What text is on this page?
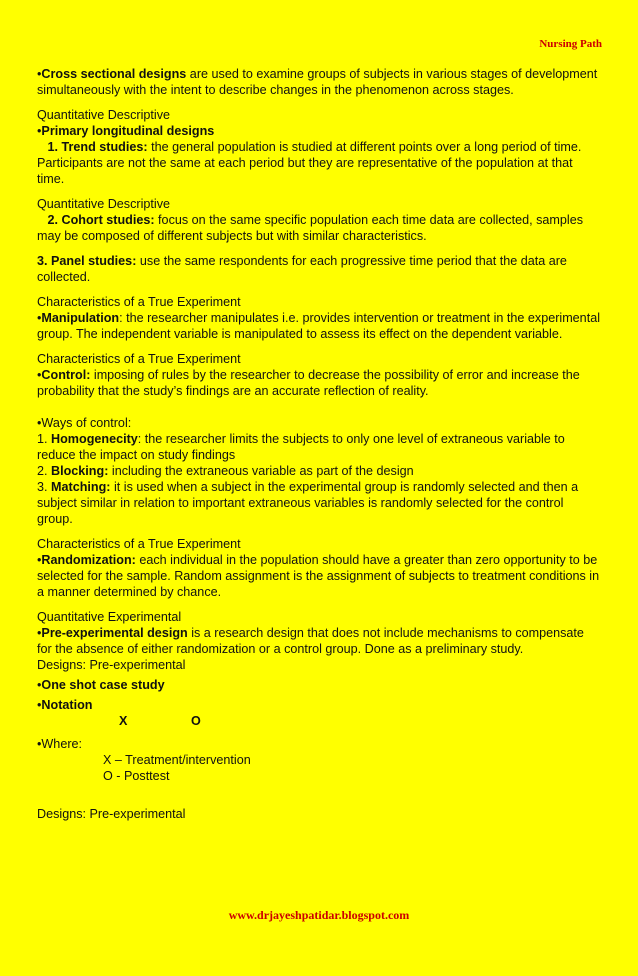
Nursing Path

•Cross sectional designs are used to examine groups of subjects in various stages of development simultaneously with the intent to describe changes in the phenomenon across stages.

Quantitative Descriptive

•Primary longitudinal designs

1. Trend studies: the general population is studied at different points over a long period of time. Participants are not the same at each period but they are representative of the population at that time.

Quantitative Descriptive

2. Cohort studies: focus on the same specific population each time data are collected, samples may be composed of different subjects but with similar characteristics.

3. Panel studies: use the same respondents for each progressive time period that the data are collected.

Characteristics of a True Experiment

•Manipulation: the researcher manipulates i.e. provides intervention or treatment in the experimental group. The independent variable is manipulated to assess its effect on the dependent variable.

Characteristics of a True Experiment

•Control: imposing of rules by the researcher to decrease the possibility of error and increase the probability that the study’s findings are an accurate reflection of reality.

•Ways of control:

1. Homogenecity: the researcher limits the subjects to only one level of extraneous variable to reduce the impact on study findings

2. Blocking: including the extraneous variable as part of the design

3. Matching: it is used when a subject in the experimental group is randomly selected and then a subject similar in relation to important extraneous variables is randomly selected for the control group.

Characteristics of a True Experiment

•Randomization: each individual in the population should have a greater than zero opportunity to be selected for the sample. Random assignment is the assignment of subjects to treatment conditions in a manner determined by chance.

Quantitative Experimental

•Pre-experimental design is a research design that does not include mechanisms to compensate for the absence of either randomization or a control group. Done as a preliminary study.

Designs: Pre-experimental

•One shot case study

•Notation

X	O

•Where:

X – Treatment/intervention

O - Posttest

Designs: Pre-experimental

www.drjayeshpatidar.blogspot.com
